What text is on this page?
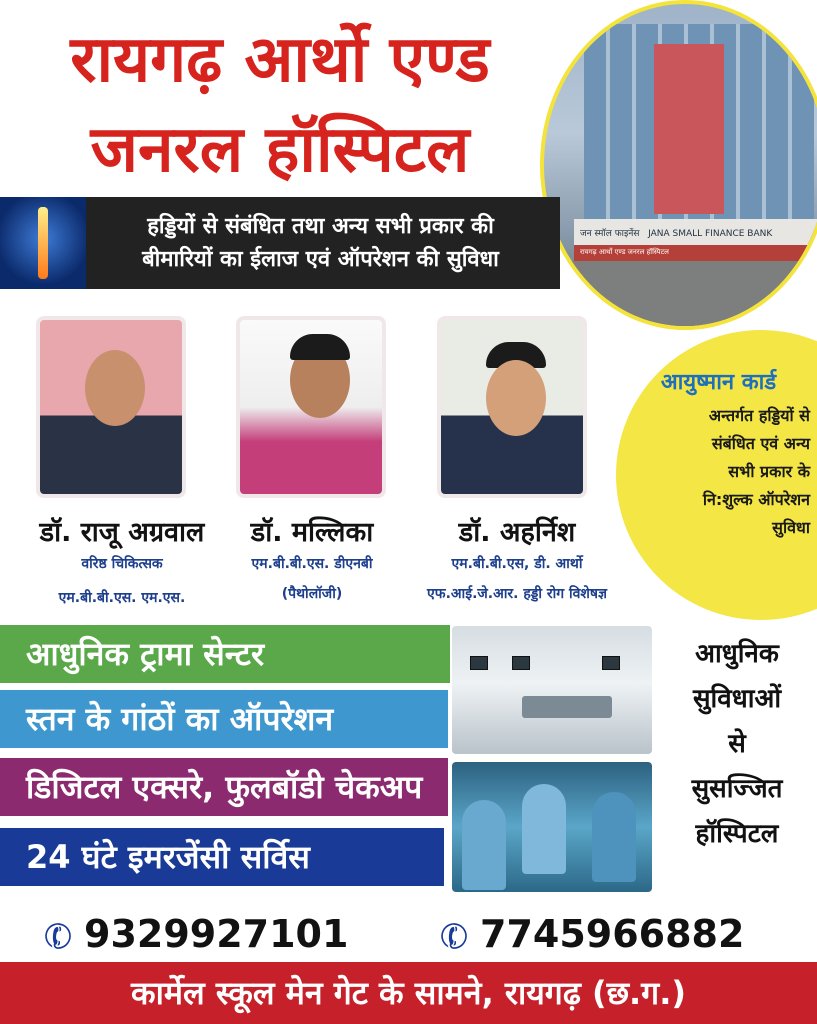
रायगढ़ आर्थो एण्ड
जनरल हॉस्पिटल
जन स्मॉल फाइनेंस JANA SMALL FINANCE BANK
रायगढ़ आर्थो एण्ड जनरल हॉस्पिटल
हड्डियों से संबंधित तथा अन्य सभी प्रकार की
बीमारियों का ईलाज एवं ऑपरेशन की सुविधा
डॉ. राजू अग्रवाल
वरिष्ठ चिकित्सक
एम.बी.बी.एस. एम.एस.
डॉ. मल्लिका
एम.बी.बी.एस. डीएनबी
(पैथोलॉजी)
डॉ. अहर्निश
एम.बी.बी.एस, डी. आर्थो
एफ.आई.जे.आर. हड्डी रोग विशेषज्ञ
आयुष्मान कार्ड
अन्तर्गत हड्डियों से
संबंधित एवं अन्य
सभी प्रकार के
नि:शुल्क ऑपरेशन
सुविधा
आधुनिक ट्रामा सेन्टर
स्तन के गांठों का ऑपरेशन
डिजिटल एक्सरे, फुलबॉडी चेकअप
24 घंटे इमरजेंसी सर्विस
आधुनिक
सुविधाओं
से
सुसज्जित
हॉस्पिटल
✆ 9329927101	✆ 7745966882
कार्मेल स्कूल मेन गेट के सामने, रायगढ़ (छ.ग.)
